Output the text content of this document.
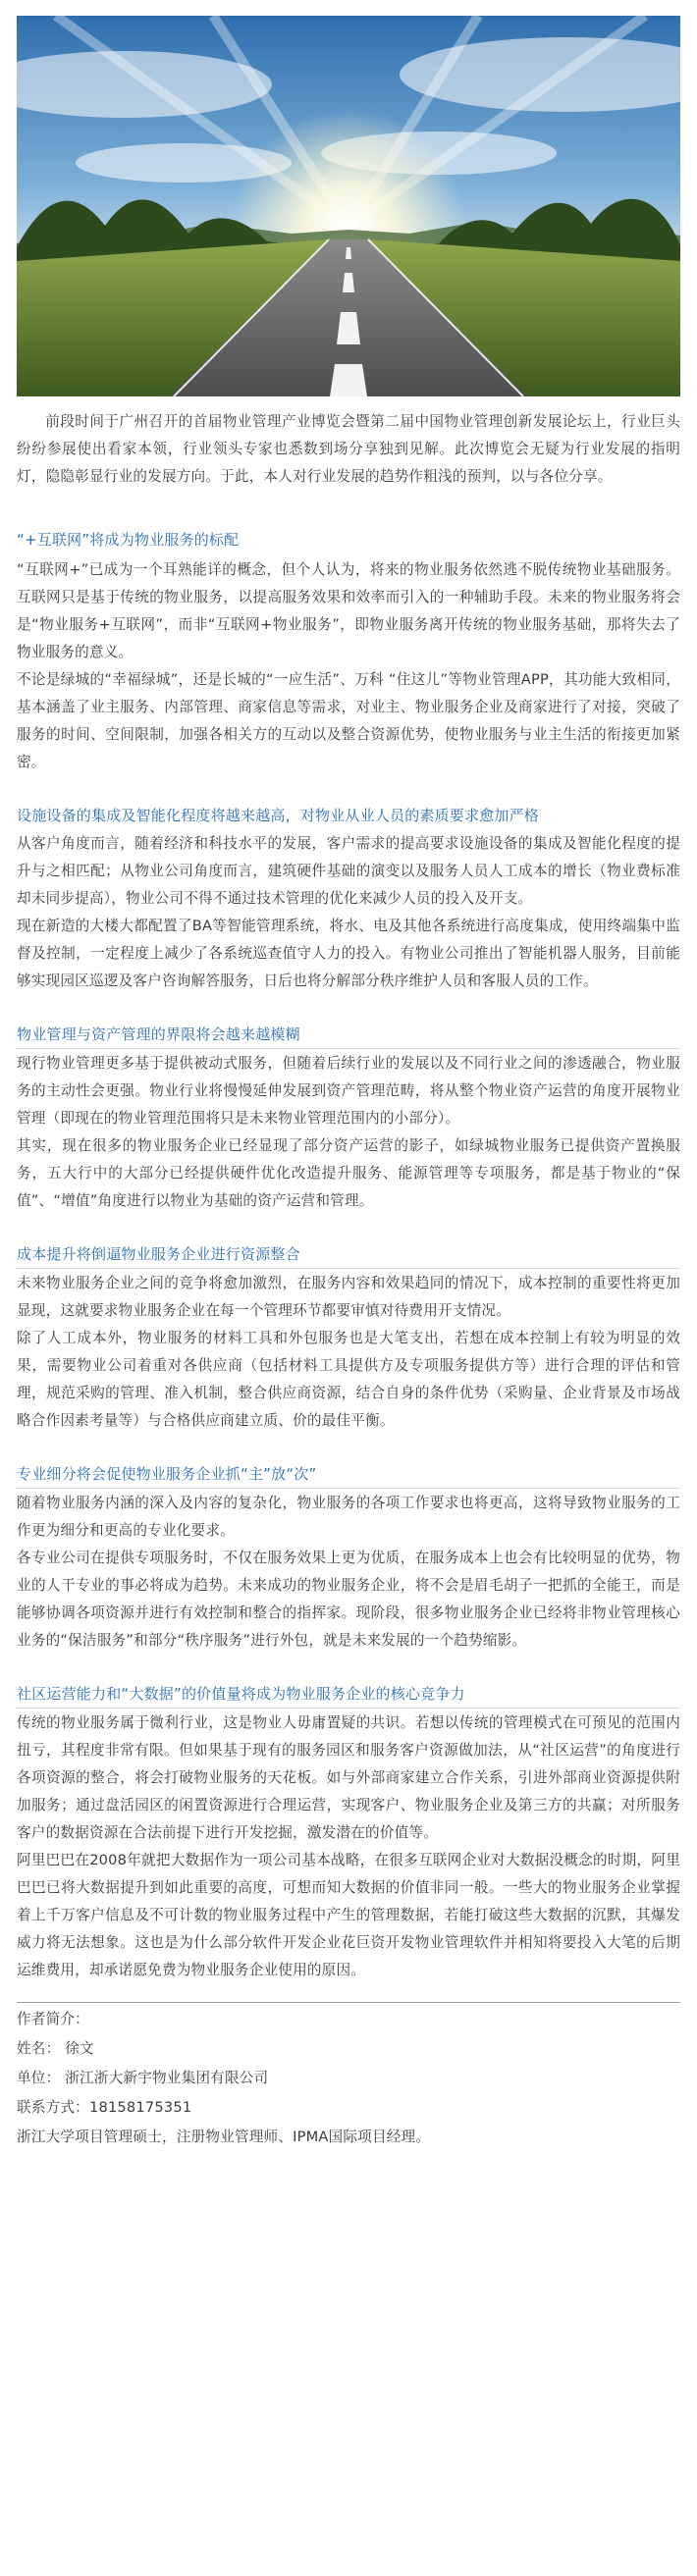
前段时间于广州召开的首届物业管理产业博览会暨第二届中国物业管理创新发展论坛上，行业巨头纷纷参展使出看家本领，行业领头专家也悉数到场分享独到见解。此次博览会无疑为行业发展的指明灯，隐隐彰显行业的发展方向。于此，本人对行业发展的趋势作粗浅的预判，以与各位分享。

“+互联网”将成为物业服务的标配

“互联网+”已成为一个耳熟能详的概念，但个人认为，将来的物业服务依然逃不脱传统物业基础服务。互联网只是基于传统的物业服务，以提高服务效果和效率而引入的一种辅助手段。未来的物业服务将会是“物业服务+互联网”，而非“互联网+物业服务”，即物业服务离开传统的物业服务基础，那将失去了物业服务的意义。

不论是绿城的“幸福绿城”，还是长城的“一应生活”、万科 “住这儿”等物业管理APP，其功能大致相同，基本涵盖了业主服务、内部管理、商家信息等需求，对业主、物业服务企业及商家进行了对接，突破了服务的时间、空间限制，加强各相关方的互动以及整合资源优势，使物业服务与业主生活的衔接更加紧密。

设施设备的集成及智能化程度将越来越高，对物业从业人员的素质要求愈加严格

从客户角度而言，随着经济和科技水平的发展，客户需求的提高要求设施设备的集成及智能化程度的提升与之相匹配；从物业公司角度而言，建筑硬件基础的演变以及服务人员人工成本的增长（物业费标准却未同步提高），物业公司不得不通过技术管理的优化来减少人员的投入及开支。

现在新造的大楼大都配置了BA等智能管理系统，将水、电及其他各系统进行高度集成，使用终端集中监督及控制，一定程度上减少了各系统巡查值守人力的投入。有物业公司推出了智能机器人服务，目前能够实现园区巡逻及客户咨询解答服务，日后也将分解部分秩序维护人员和客服人员的工作。

物业管理与资产管理的界限将会越来越模糊

现行物业管理更多基于提供被动式服务，但随着后续行业的发展以及不同行业之间的渗透融合，物业服务的主动性会更强。物业行业将慢慢延伸发展到资产管理范畴，将从整个物业资产运营的角度开展物业管理（即现在的物业管理范围将只是未来物业管理范围内的小部分）。

其实，现在很多的物业服务企业已经显现了部分资产运营的影子，如绿城物业服务已提供资产置换服务，五大行中的大部分已经提供硬件优化改造提升服务、能源管理等专项服务，都是基于物业的“保值”、“增值”角度进行以物业为基础的资产运营和管理。

成本提升将倒逼物业服务企业进行资源整合

未来物业服务企业之间的竞争将愈加激烈，在服务内容和效果趋同的情况下，成本控制的重要性将更加显现，这就要求物业服务企业在每一个管理环节都要审慎对待费用开支情况。

除了人工成本外，物业服务的材料工具和外包服务也是大笔支出，若想在成本控制上有较为明显的效果，需要物业公司着重对各供应商（包括材料工具提供方及专项服务提供方等）进行合理的评估和管理，规范采购的管理、准入机制，整合供应商资源，结合自身的条件优势（采购量、企业背景及市场战略合作因素考量等）与合格供应商建立质、价的最佳平衡。

专业细分将会促使物业服务企业抓“主”放“次”

随着物业服务内涵的深入及内容的复杂化，物业服务的各项工作要求也将更高，这将导致物业服务的工作更为细分和更高的专业化要求。

各专业公司在提供专项服务时，不仅在服务效果上更为优质，在服务成本上也会有比较明显的优势，物业的人干专业的事必将成为趋势。未来成功的物业服务企业，将不会是眉毛胡子一把抓的全能王，而是能够协调各项资源并进行有效控制和整合的指挥家。现阶段，很多物业服务企业已经将非物业管理核心业务的“保洁服务”和部分“秩序服务”进行外包，就是未来发展的一个趋势缩影。

社区运营能力和“大数据”的价值量将成为物业服务企业的核心竞争力

传统的物业服务属于微利行业，这是物业人毋庸置疑的共识。若想以传统的管理模式在可预见的范围内扭亏，其程度非常有限。但如果基于现有的服务园区和服务客户资源做加法，从“社区运营”的角度进行各项资源的整合，将会打破物业服务的天花板。如与外部商家建立合作关系，引进外部商业资源提供附加服务；通过盘活园区的闲置资源进行合理运营，实现客户、物业服务企业及第三方的共赢；对所服务客户的数据资源在合法前提下进行开发挖掘，激发潜在的价值等。

阿里巴巴在2008年就把大数据作为一项公司基本战略，在很多互联网企业对大数据没概念的时期，阿里巴巴已将大数据提升到如此重要的高度，可想而知大数据的价值非同一般。一些大的物业服务企业掌握着上千万客户信息及不可计数的物业服务过程中产生的管理数据，若能打破这些大数据的沉默，其爆发威力将无法想象。这也是为什么部分软件开发企业花巨资开发物业管理软件并相知将要投入大笔的后期运维费用，却承诺愿免费为物业服务企业使用的原因。

作者简介：

姓名： 徐文

单位： 浙江浙大新宇物业集团有限公司

联系方式：18158175351

浙江大学项目管理硕士，注册物业管理师、IPMA国际项目经理。
